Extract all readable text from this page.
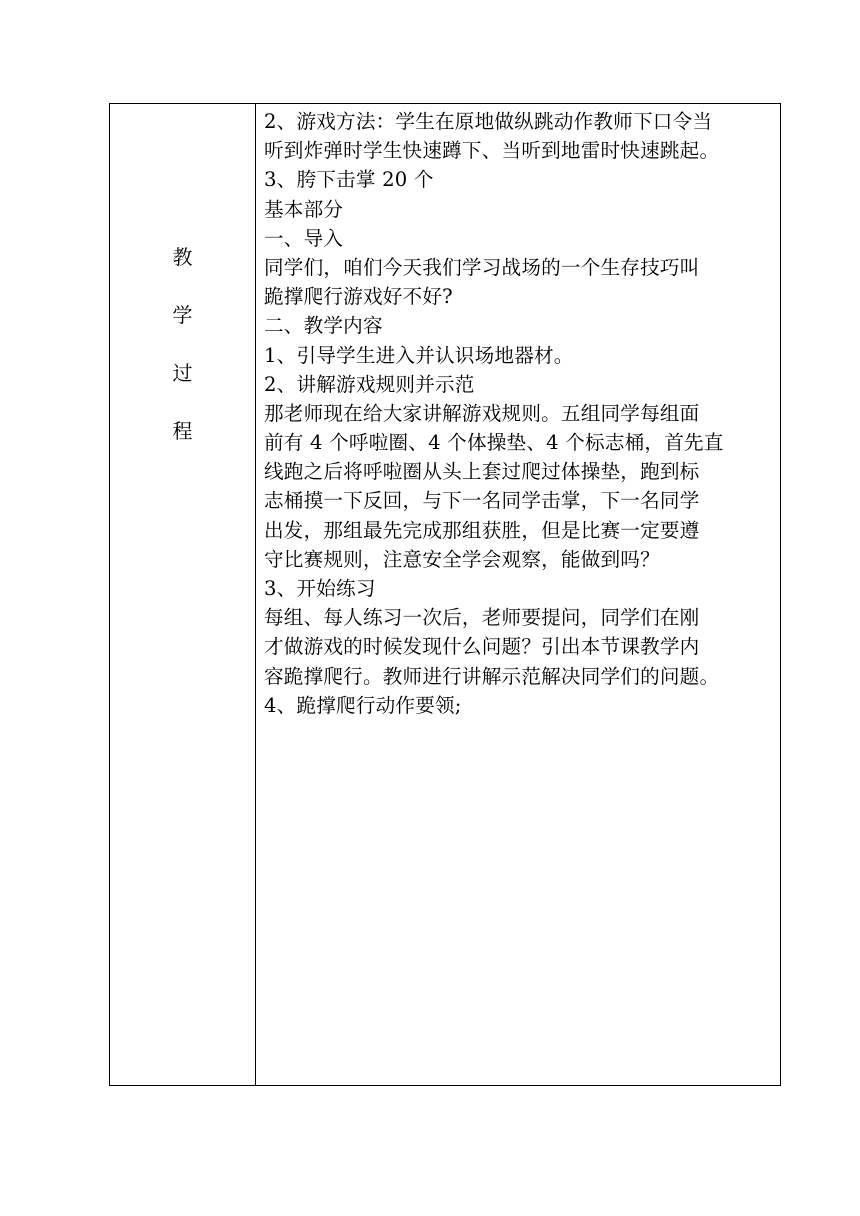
教
学
过
程

2、游戏方法：学生在原地做纵跳动作教师下口令当
听到炸弹时学生快速蹲下、当听到地雷时快速跳起。
3、胯下击掌 20 个
基本部分
一、导入
同学们，咱们今天我们学习战场的一个生存技巧叫
跪撑爬行游戏好不好?
二、教学内容
1、引导学生进入并认识场地器材。
2、讲解游戏规则并示范
那老师现在给大家讲解游戏规则。五组同学每组面
前有 4 个呼啦圈、4 个体操垫、4 个标志桶，首先直
线跑之后将呼啦圈从头上套过爬过体操垫，跑到标
志桶摸一下反回，与下一名同学击掌，下一名同学
出发，那组最先完成那组获胜，但是比赛一定要遵
守比赛规则，注意安全学会观察，能做到吗？
3、开始练习
每组、每人练习一次后，老师要提问，同学们在刚
才做游戏的时候发现什么问题？引出本节课教学内
容跪撑爬行。教师进行讲解示范解决同学们的问题。
4、跪撑爬行动作要领;
